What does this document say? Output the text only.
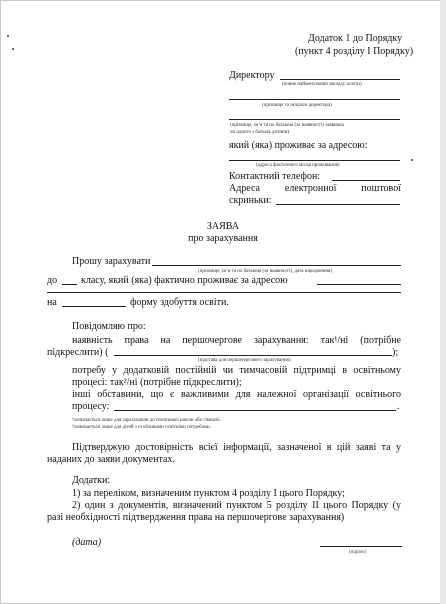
Додаток 1 до Порядку
(пункт 4 розділу І Порядку)
Директору
(повне найменування закладу освіти)
(прізвище та ініціали директора)
(прізвище, ім’я та по батькові (за наявності) заявника
чи одного з батьків дитини)
який (яка) проживає за адресою:
(адреса фактичного місця проживання)
Контактний телефон:
Адреса електронної поштової
скриньки:
ЗАЯВА
про зарахування
Прошу зарахувати
(прізвище, ім’я та по батькові (за наявності), дата народження)
до класу, який (яка) фактично проживає за адресою
на	форму здобуття освіти.
Повідомляю про:
наявність права на першочергове зарахування: так¹/ні (потрібне
підкреслити) (	);
(підстава для першочергового зарахування)
потребу у додатковій постійній чи тимчасовій підтримці в освітньому
процесі: так²/ні (потрібне підкреслити);
інші обставини, що є важливими для належної організації освітнього
процесу:	.
¹зазначається лише для зарахування до початкової школи або гімназії.
²зазначається лише для дітей з особливими освітніми потребами.
Підтверджую достовірність всієї інформації, зазначеної в цій заяві та у
наданих до заяви документах.
Додатки:
1) за переліком, визначеним пунктом 4 розділу І цього Порядку;
2) один з документів, визначений пунктом 5 розділу ІІ цього Порядку (у
разі необхідності підтвердження права на першочергове зарахування)
(дата)
(підпис)
